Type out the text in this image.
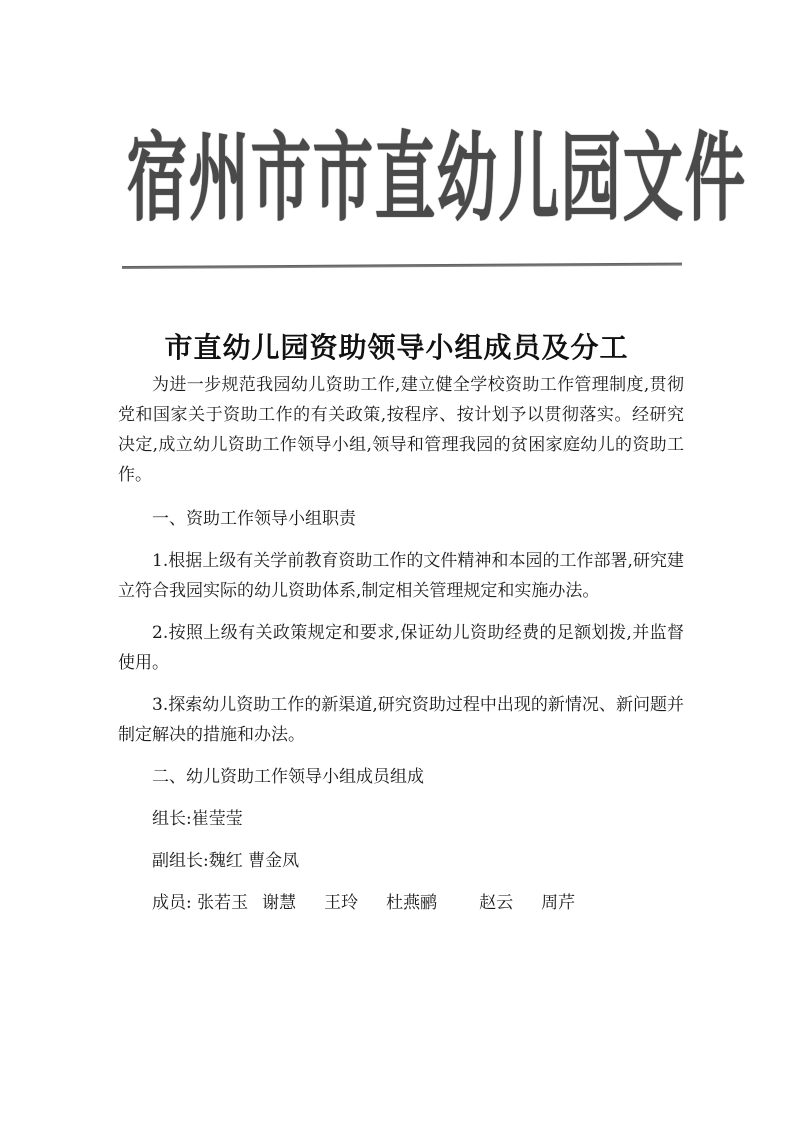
宿 州 市 市 直 幼 儿 园 文 件
市直幼儿园资助领导小组成员及分工

为进一步规范我园幼儿资助工作,建立健全学校资助工作管理制度,贯彻党和国家关于资助工作的有关政策,按程序、按计划予以贯彻落实。经研究决定,成立幼儿资助工作领导小组,领导和管理我园的贫困家庭幼儿的资助工作。

一、资助工作领导小组职责

1.根据上级有关学前教育资助工作的文件精神和本园的工作部署,研究建立符合我园实际的幼儿资助体系,制定相关管理规定和实施办法。

2.按照上级有关政策规定和要求,保证幼儿资助经费的足额划拨,并监督使用。

3.探索幼儿资助工作的新渠道,研究资助过程中出现的新情况、新问题并制定解决的措施和办法。

二、幼儿资助工作领导小组成员组成

组长:崔莹莹

副组长:魏红 曹金凤

成员: 张若玉 谢慧 王玲 杜燕鹂 赵云 周芹
